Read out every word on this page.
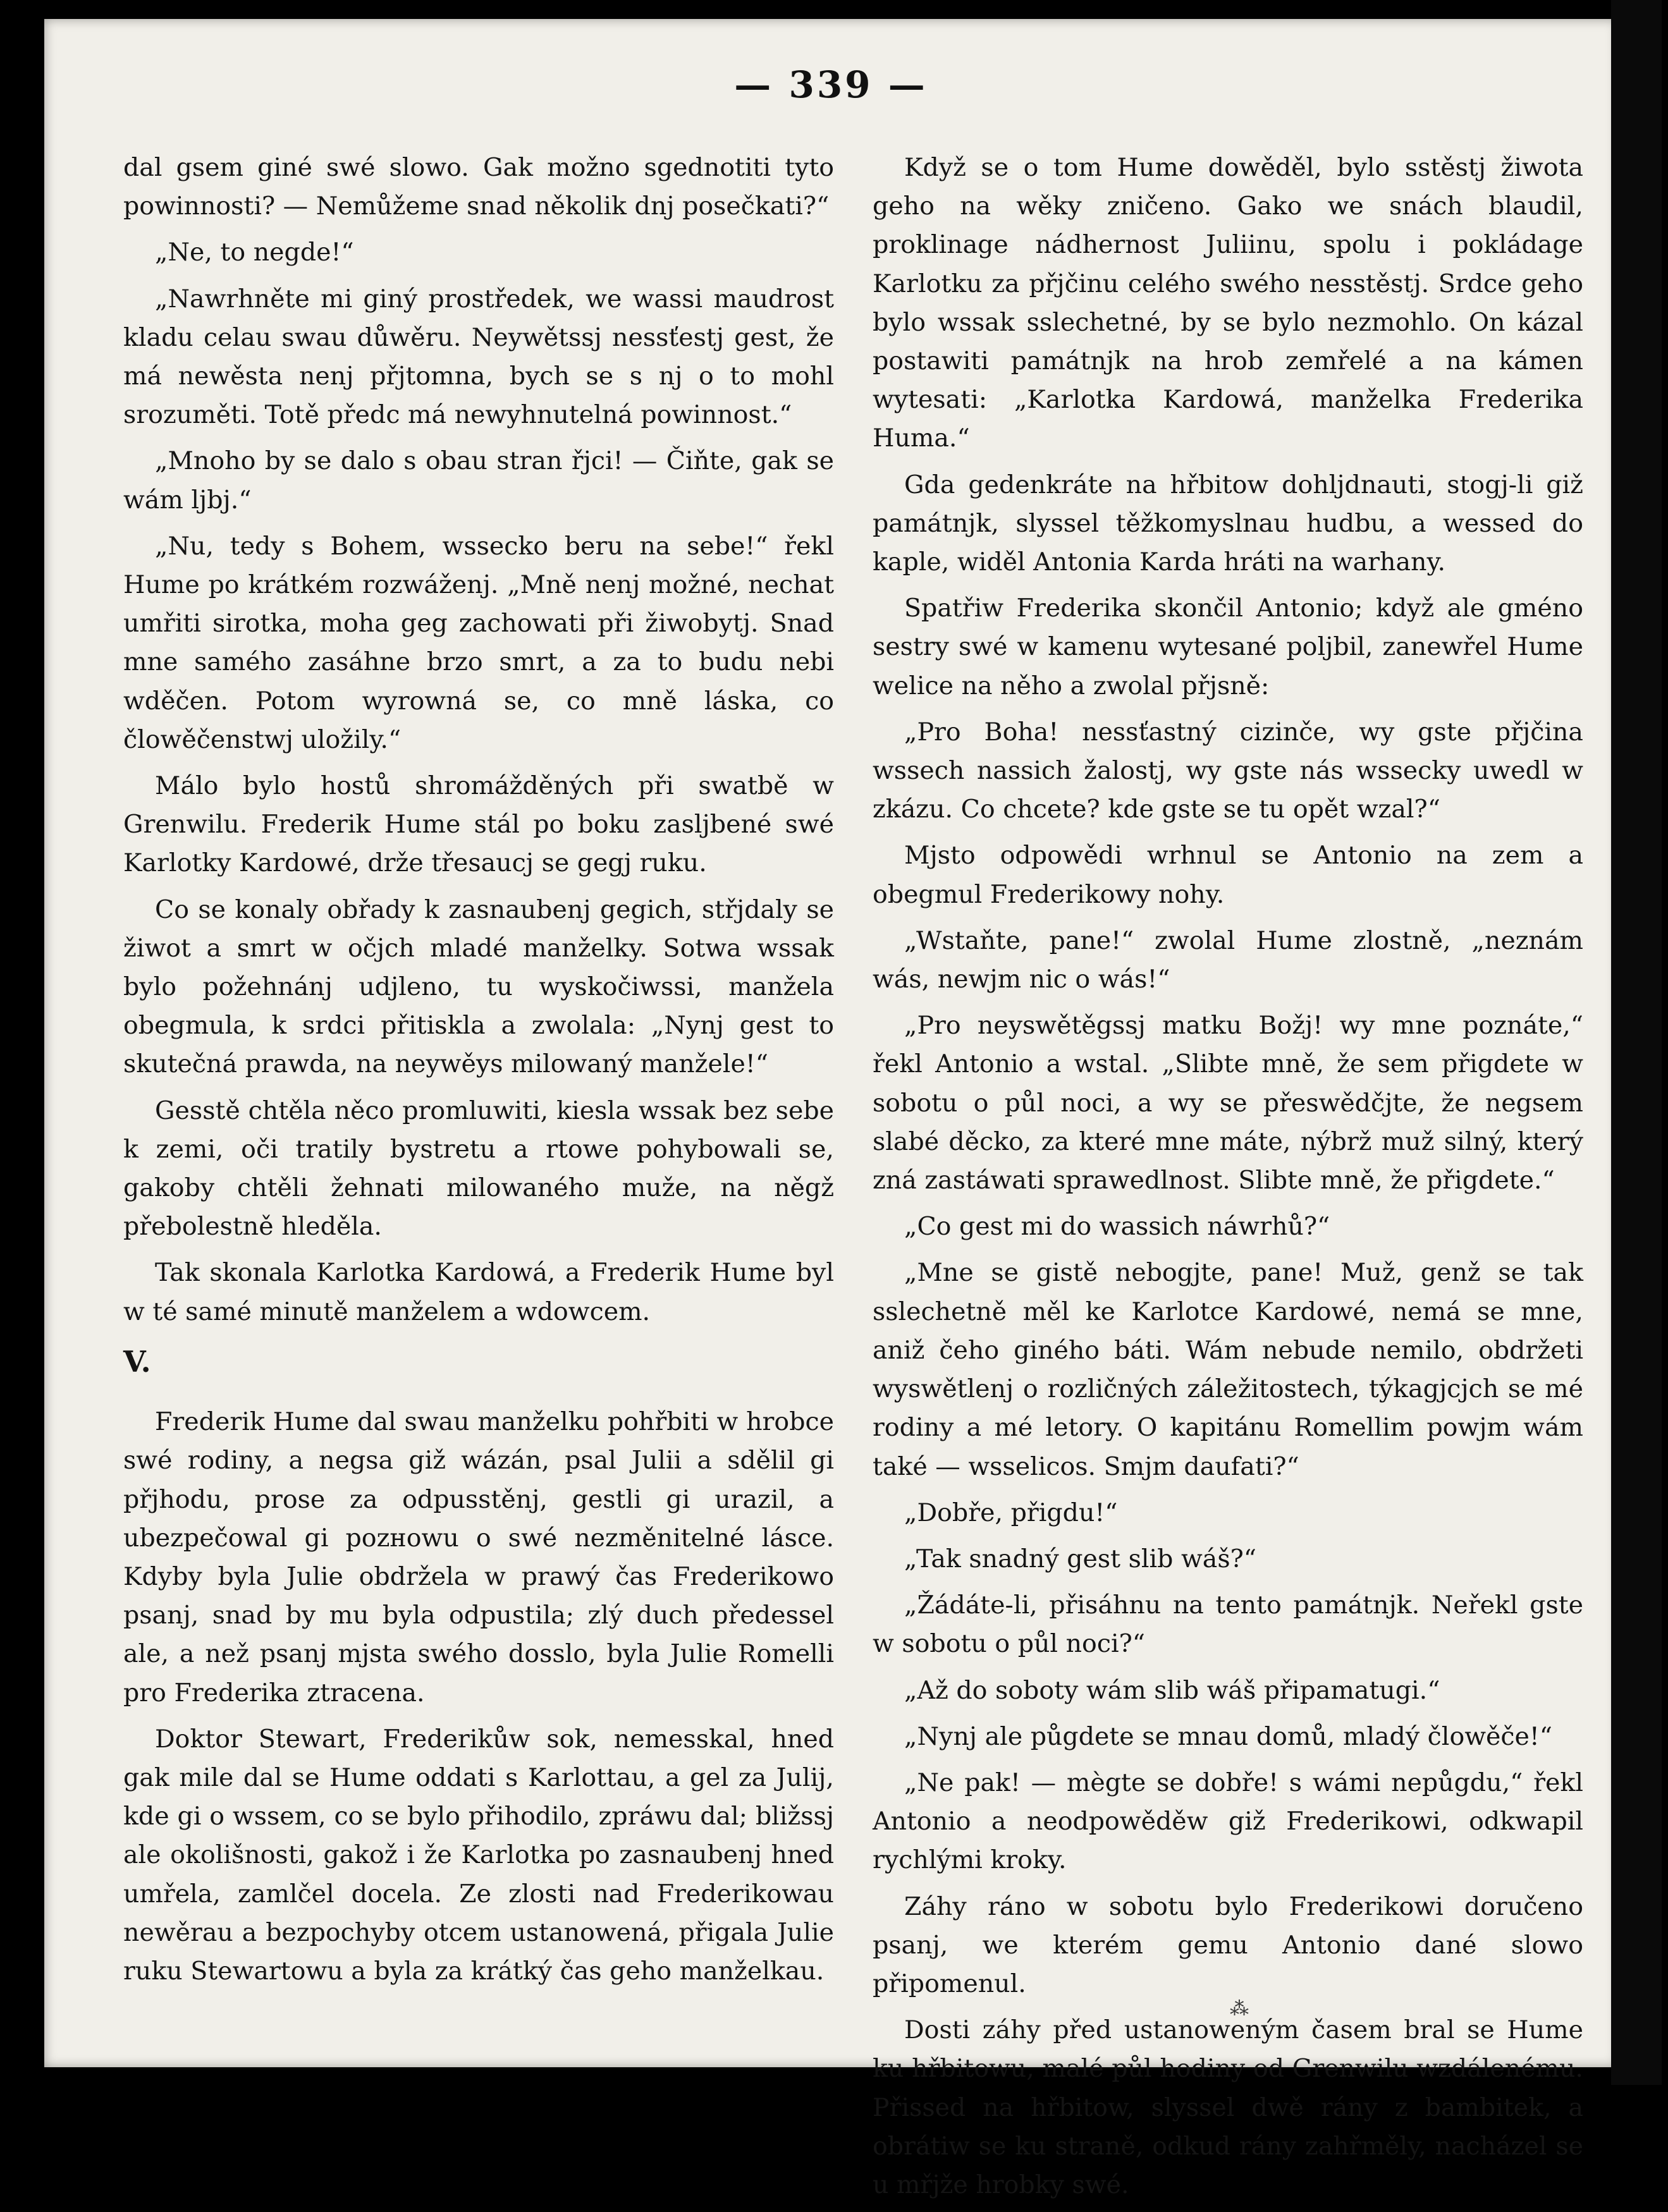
— 339 —

dal gsem giné swé slowo. Gak možno sgednotiti tyto powinnosti? — Nemůžeme snad několik dnj posečkati?“

„Ne, to negde!“

„Nawrhněte mi giný prostředek, we wassi maudrost kladu celau swau důwěru. Neywětssj nessťestj gest, že má newěsta nenj přjtomna, bych se s nj o to mohl srozuměti. Totě předc má newyhnutelná powinnost.“

„Mnoho by se dalo s obau stran řjci! — Čiňte, gak se wám ljbj.“

„Nu, tedy s Bohem, wssecko beru na sebe!“ řekl Hume po krátkém rozwáženj. „Mně nenj možné, nechat umřiti sirotka, moha geg zachowati při žiwobytj. Snad mne samého zasáhne brzo smrt, a za to budu nebi wděčen. Potom wyrowná se, co mně láska, co člowěčenstwj uložily.“

Málo bylo hostů shromážděných při swatbě w Grenwilu. Frederik Hume stál po boku zasljbené swé Karlotky Kardowé, drže třesaucj se gegj ruku.

Co se konaly obřady k zasnaubenj gegich, střjdaly se žiwot a smrt w očjch mladé manželky. Sotwa wssak bylo požehnánj udjleno, tu wyskočiwssi, manželа obegmula, k srdci přitiskla a zwolala: „Nynj gest to skutečná prawda, na neywěys milowaný manžele!“

Gesstě chtěla něco promluwiti, kiesla wssak bez sebe k zemi, oči tratily bystretu a rtowe pohybowali se, gakoby chtěli žehnati milowaného muže, na něgž přebolestně hleděla.

Tak skonala Karlotka Kardowá, a Frederik Hume byl w té samé minutě manželem a wdowcem.

V.

Frederik Hume dal swau manželku pohřbiti w hrobce swé rodiny, a negsa giž wázán, psal Julii a sdělil gi přjhodu, prose za odpusstěnj, gestli gi urazil, a ubezpečowal gi pozнowu o swé nezměnitelné lásce. Kdyby byla Julie obdržela w prawý čas Frederikowo psanj, snad by mu byla odpustila; zlý duch předessel ale, a než psanj mjsta swého dosslo, byla Julie Romelli pro Frederika ztracena.

Doktor Stewart, Frederikůw sok, nemesskal, hned gak mile dal se Hume oddati s Karlottau, a gel za Julij, kde gi o wssem, co se bylo přihodilo, zpráwu dal; bližssj ale okolišnosti, gakož i že Karlotka po zasnaubenj hned umřela, zamlčel docela. Ze zlosti nad Frederikowau newěrau a bezpochyby otcem ustanowená, přigala Julie ruku Stewartowu a byla za krátký čas geho manželkau.

Když se o tom Hume dowěděl, bylo sstěstj žiwota geho na wěky zničeno. Gako we snách blaudil, proklinage nádhernost Juliinu, spolu i pokládage Karlotku za přjčinu celého swého nesstěstj. Srdce geho bylo wssak sslechetné, by se bylo nezmohlo. On kázal postawiti památnjk na hrob zemřelé a na kámen wytesati: „Karlotka Kardowá, manželka Frederika Huma.“

Gda gedenkráte na hřbitow dohljdnauti, stogj-li giž památnjk, slyssel těžkomyslnau hudbu, a wessed do kaple, widěl Antonia Karda hráti na warhany.

Spatřiw Frederika skončil Antonio; když ale gméno sestry swé w kamenu wytesané poljbil, zanewřel Hume welice na něho a zwolal přjsně:

„Pro Boha! nessťastný cizinče, wy gste přjčina wssech nassich žalostj, wy gste nás wssecky uwedl w zkázu. Co chcete? kde gste se tu opět wzal?“

Mjsto odpowědi wrhnul se Antonio na zem a obegmul Frederikowy nohy.

„Wstaňte, pane!“ zwolal Hume zlostně, „neznám wás, newjm nic o wás!“

„Pro neyswětěgssj matku Božj! wy mne poznáte,“ řekl Antonio a wstal. „Slibte mně, že sem přigdete w sobotu o půl noci, a wy se přeswědčjte, že negsem slabé děcko, za které mne máte, nýbrž muž silný, který zná zastáwati sprawedlnost. Slibte mně, že přigdete.“

„Co gest mi do wassich náwrhů?“

„Mne se gistě nebogjte, pane! Muž, genž se tak sslechetně měl ke Karlotce Kardowé, nemá se mne, aniž čeho giného báti. Wám nebude nemilo, obdržeti wyswětlenj o rozličných záležitostech, týkagjcjch se mé rodiny a mé letory. O kapitánu Romellim powjm wám také — wsselicos. Smjm daufati?“

„Dobře, přigdu!“

„Tak snadný gest slib wáš?“

„Žádáte-li, přisáhnu na tento památnjk. Neřekl gste w sobotu o půl noci?“

„Až do soboty wám slib wáš připamatugi.“

„Nynj ale půgdete se mnau domů, mladý člowěče!“

„Ne pak! — mègte se dobře! s wámi nepůgdu,“ řekl Antonio a neodpowěděw giž Frederikowi, odkwapil rychlými kroky.

Záhy ráno w sobotu bylo Frederikowi doručeno psanj, we kterém gemu Antonio dané slowo připomenul.

Dosti záhy před ustanoweným časem bral se Hume ku hřbitowu, malé půl hodiny od Grenwilu wzdálenému. Přissed na hřbitow, slyssel dwě rány z bambitek, a obrátiw se ku straně, odkud rány zahřměly, nacházel se u mřjže hrobky swé.

⁂
